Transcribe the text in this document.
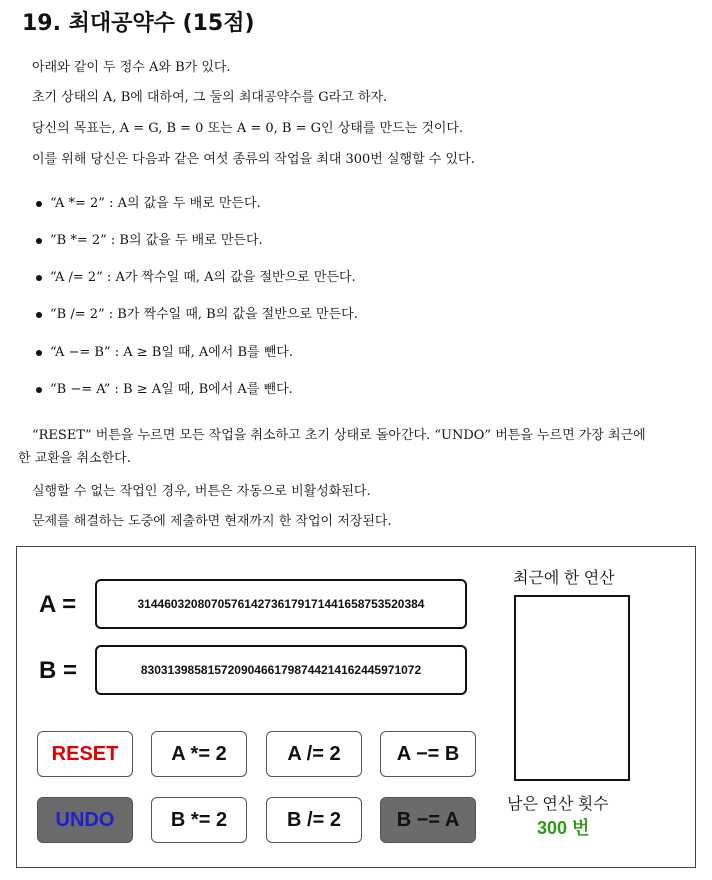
19. 최대공약수 (15점)
아래와 같이 두 정수 A와 B가 있다.
초기 상태의 A, B에 대하여, 그 둘의 최대공약수를 G라고 하자.
당신의 목표는, A = G, B = 0 또는 A = 0, B = G인 상태를 만드는 것이다.
이를 위해 당신은 다음과 같은 여섯 종류의 작업을 최대 300번 실행할 수 있다.
“A *= 2” : A의 값을 두 배로 만든다.
”B *= 2” : B의 값을 두 배로 만든다.
“A /= 2” : A가 짝수일 때, A의 값을 절반으로 만든다.
“B /= 2” : B가 짝수일 때, B의 값을 절반으로 만든다.
“A −= B” : A ≥ B일 때, A에서 B를 뺀다.
“B −= A” : B ≥ A일 때, B에서 A를 뺀다.
“RESET” 버튼을 누르면 모든 작업을 취소하고 초기 상태로 돌아간다. “UNDO” 버튼을 누르면 가장 최근에
한 교환을 취소한다.
실행할 수 없는 작업인 경우, 버튼은 자동으로 비활성화된다.
문제를 해결하는 도중에 제출하면 현재까지 한 작업이 저장된다.
A =	314460320807057614273617917144165875352038​4
B =	830313985815720904661798744214162445971072
RESET	A *= 2	A /= 2	A −= B
UNDO	B *= 2	B /= 2	B −= A
최근에 한 연산
남은 연산 횟수
300 번
